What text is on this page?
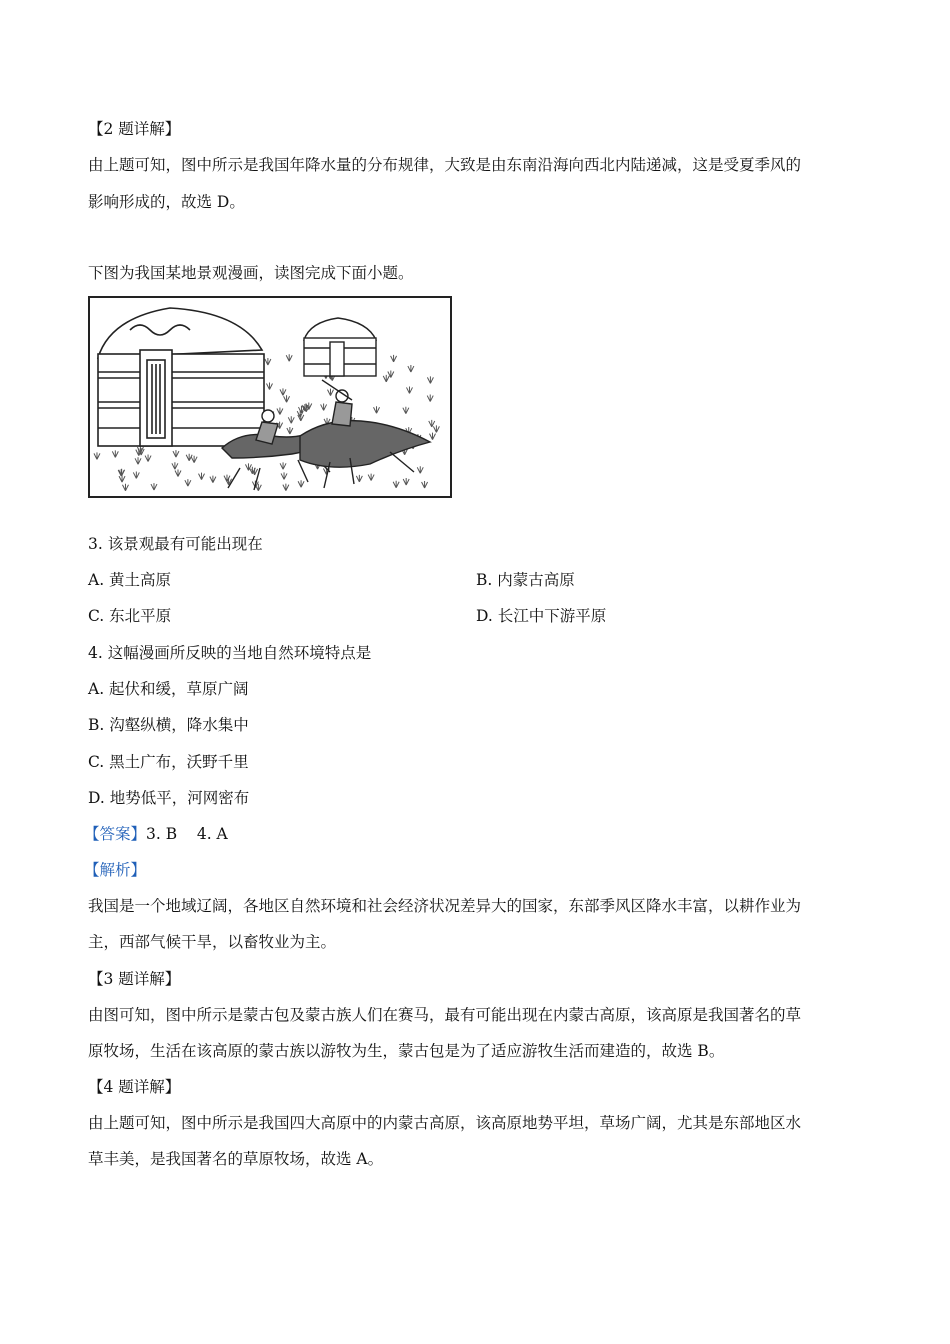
【2 题详解】
由上题可知，图中所示是我国年降水量的分布规律，大致是由东南沿海向西北内陆递减，这是受夏季风的
影响形成的，故选 D。
下图为我国某地景观漫画，读图完成下面小题。
3. 该景观最有可能出现在
A. 黄土高原	B. 内蒙古高原
C. 东北平原	D. 长江中下游平原
4. 这幅漫画所反映的当地自然环境特点是
A. 起伏和缓，草原广阔
B. 沟壑纵横，降水集中
C. 黑土广布，沃野千里
D. 地势低平，河网密布
【答案】3. B    4. A
【解析】
我国是一个地域辽阔，各地区自然环境和社会经济状况差异大的国家，东部季风区降水丰富，以耕作业为
主，西部气候干旱，以畜牧业为主。
【3 题详解】
由图可知，图中所示是蒙古包及蒙古族人们在赛马，最有可能出现在内蒙古高原，该高原是我国著名的草
原牧场，生活在该高原的蒙古族以游牧为生，蒙古包是为了适应游牧生活而建造的，故选 B。
【4 题详解】
由上题可知，图中所示是我国四大高原中的内蒙古高原，该高原地势平坦，草场广阔，尤其是东部地区水
草丰美，是我国著名的草原牧场，故选 A。
